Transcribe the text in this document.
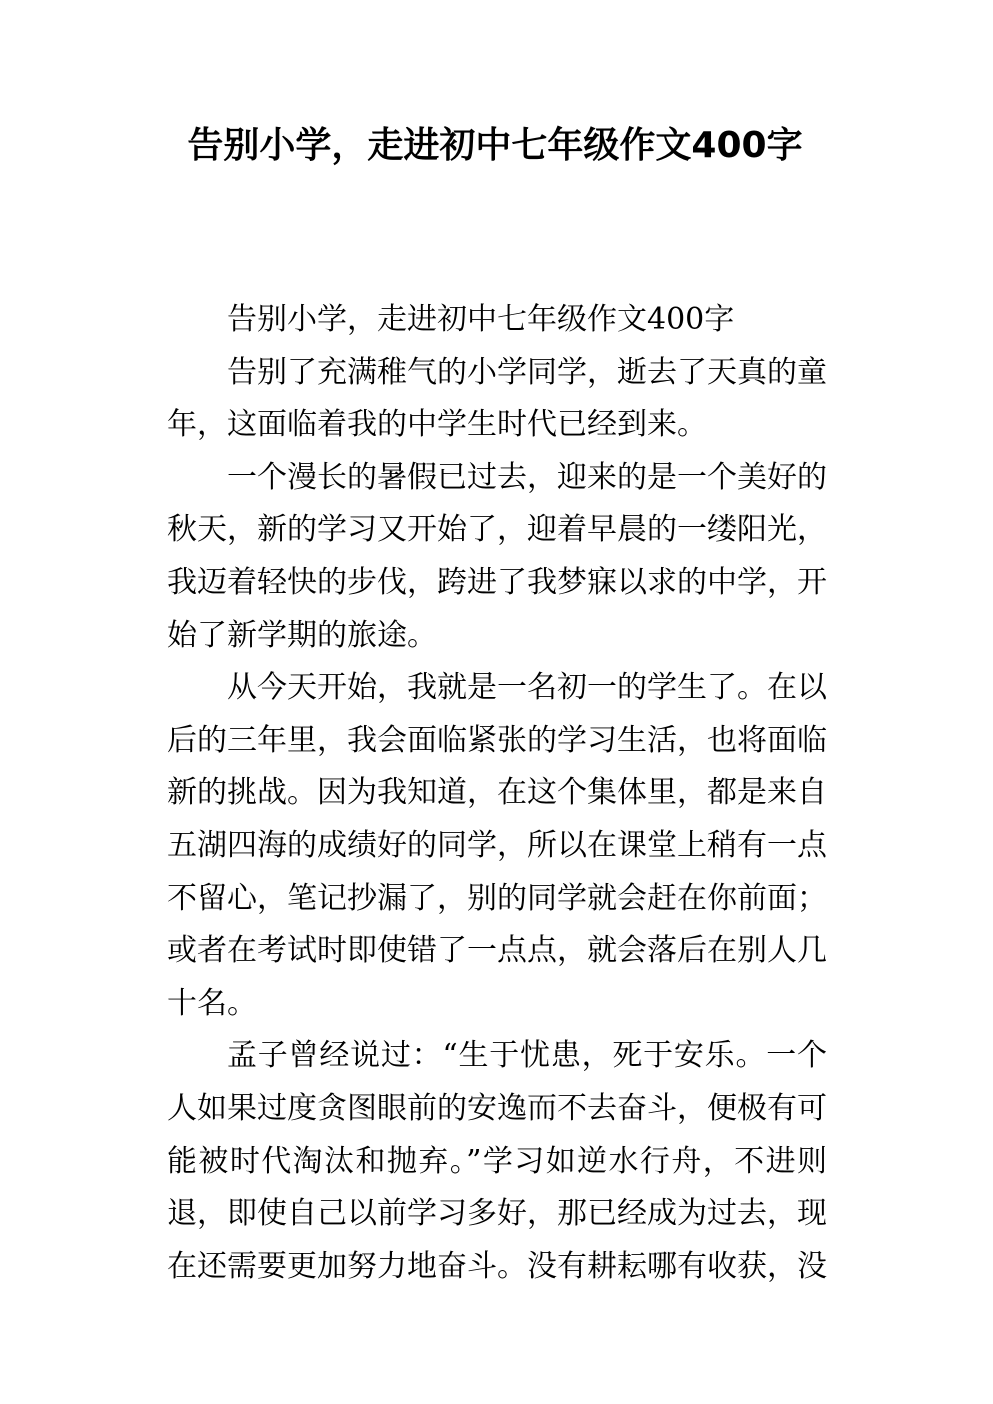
告别小学，走进初中七年级作文400字

告别小学，走进初中七年级作文400字

告别了充满稚气的小学同学，逝去了天真的童年，这面临着我的中学生时代已经到来。

一个漫长的暑假已过去，迎来的是一个美好的秋天，新的学习又开始了，迎着早晨的一缕阳光，我迈着轻快的步伐，跨进了我梦寐以求的中学，开始了新学期的旅途。

从今天开始，我就是一名初一的学生了。在以后的三年里，我会面临紧张的学习生活，也将面临新的挑战。因为我知道，在这个集体里，都是来自五湖四海的成绩好的同学，所以在课堂上稍有一点不留心，笔记抄漏了，别的同学就会赶在你前面；或者在考试时即使错了一点点，就会落后在别人几十名。

孟子曾经说过：“生于忧患，死于安乐。一个人如果过度贪图眼前的安逸而不去奋斗，便极有可能被时代淘汰和抛弃。”学习如逆水行舟，不进则退，即使自己以前学习多好，那已经成为过去，现在还需要更加努力地奋斗。没有耕耘哪有收获，没
